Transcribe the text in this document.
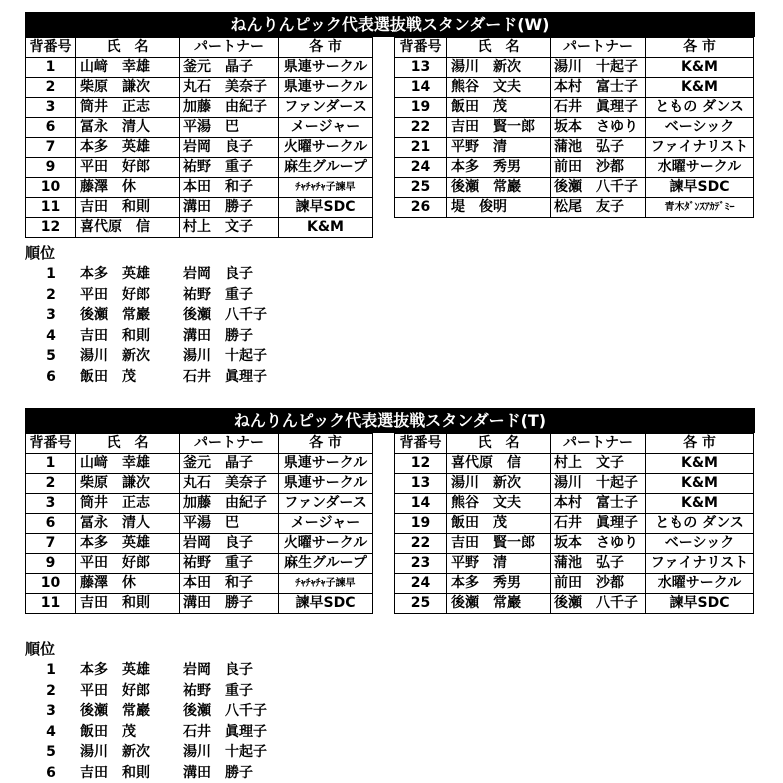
ねんりんピック代表選抜戦スタンダード(W)
背番号	氏　名	パートナー	各 市
1	山﨑　幸雄	釜元　晶子	県連サークル
2	柴原　謙次	丸石　美奈子	県連サークル
3	筒井　正志	加藤　由紀子	ファンダース
6	冨永　清人	平湯　巴	メージャー
7	本多　英雄	岩岡　良子	火曜サークル
9	平田　好郎	祐野　重子	麻生グループ
10	藤澤　休	本田　和子	ﾁｬﾁｬﾁｬ子諫早
11	吉田　和則	溝田　勝子	諫早SDC
12	喜代原　信	村上　文子	K&M
背番号	氏　名	パートナー	各 市
13	湯川　新次	湯川　十起子	K&M
14	熊谷　文夫	本村　富士子	K&M
19	飯田　茂	石井　眞理子	ともの ダンス
22	吉田　賢一郎	坂本　さゆり	ベーシック
21	平野　清	蒲池　弘子	ファイナリスト
24	本多　秀男	前田　沙都	水曜サークル
25	後瀬　常巖	後瀬　八千子	諫早SDC
26	堤　俊明	松尾　友子	青木ﾀﾞﾝｽｱｶﾃﾞﾐｰ
順位
1 本多　英雄 岩岡　良子
2 平田　好郎 祐野　重子
3 後瀬　常巖 後瀬　八千子
4 吉田　和則 溝田　勝子
5 湯川　新次 湯川　十起子
6 飯田　茂	石井　眞理子
ねんりんピック代表選抜戦スタンダード(T)
背番号	氏　名	パートナー	各 市
1	山﨑　幸雄	釜元　晶子	県連サークル
2	柴原　謙次	丸石　美奈子	県連サークル
3	筒井　正志	加藤　由紀子	ファンダース
6	冨永　清人	平湯　巴	メージャー
7	本多　英雄	岩岡　良子	火曜サークル
9	平田　好郎	祐野　重子	麻生グループ
10	藤澤　休	本田　和子	ﾁｬﾁｬﾁｬ子諫早
11	吉田　和則	溝田　勝子	諫早SDC
背番号	氏　名	パートナー	各 市
12	喜代原　信	村上　文子	K&M
13	湯川　新次	湯川　十起子	K&M
14	熊谷　文夫	本村　富士子	K&M
19	飯田　茂	石井　眞理子	ともの ダンス
22	吉田　賢一郎	坂本　さゆり	ベーシック
23	平野　清	蒲池　弘子	ファイナリスト
24	本多　秀男	前田　沙都	水曜サークル
25	後瀬　常巖	後瀬　八千子	諫早SDC
順位
1 本多　英雄 岩岡　良子
2 平田　好郎 祐野　重子
3 後瀬　常巖 後瀬　八千子
4 飯田　茂	石井　眞理子
5 湯川　新次 湯川　十起子
6 吉田　和則 溝田　勝子
